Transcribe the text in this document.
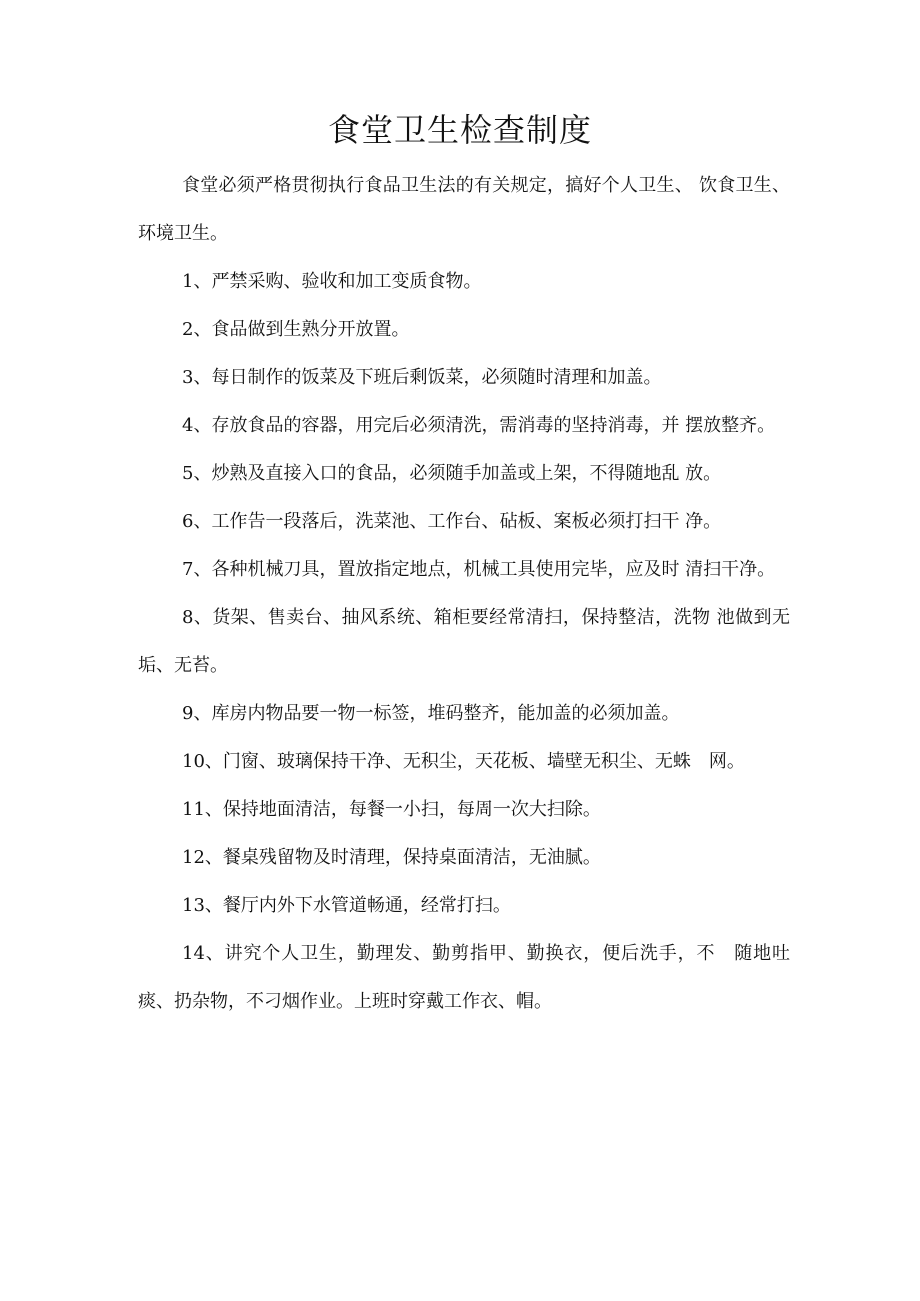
食堂卫生检查制度

食堂必须严格贯彻执行食品卫生法的有关规定，搞好个人卫生、 饮食卫生、环境卫生。

1、严禁采购、验收和加工变质食物。

2、食品做到生熟分开放置。

3、每日制作的饭菜及下班后剩饭菜，必须随时清理和加盖。

4、存放食品的容器，用完后必须清洗，需消毒的坚持消毒，并 摆放整齐。

5、炒熟及直接入口的食品，必须随手加盖或上架，不得随地乱 放。

6、工作告一段落后，洗菜池、工作台、砧板、案板必须打扫干 净。

7、各种机械刀具，置放指定地点，机械工具使用完毕，应及时 清扫干净。

8、货架、售卖台、抽风系统、箱柜要经常清扫，保持整洁，洗物 池做到无垢、无苔。

9、库房内物品要一物一标签，堆码整齐，能加盖的必须加盖。

10、门窗、玻璃保持干净、无积尘，天花板、墙壁无积尘、无蛛　网。

11、保持地面清洁，每餐一小扫，每周一次大扫除。

12、餐桌残留物及时清理，保持桌面清洁，无油腻。

13、餐厅内外下水管道畅通，经常打扫。

14、讲究个人卫生，勤理发、勤剪指甲、勤换衣，便后洗手，不　随地吐痰、扔杂物，不刁烟作业。上班时穿戴工作衣、帽。
